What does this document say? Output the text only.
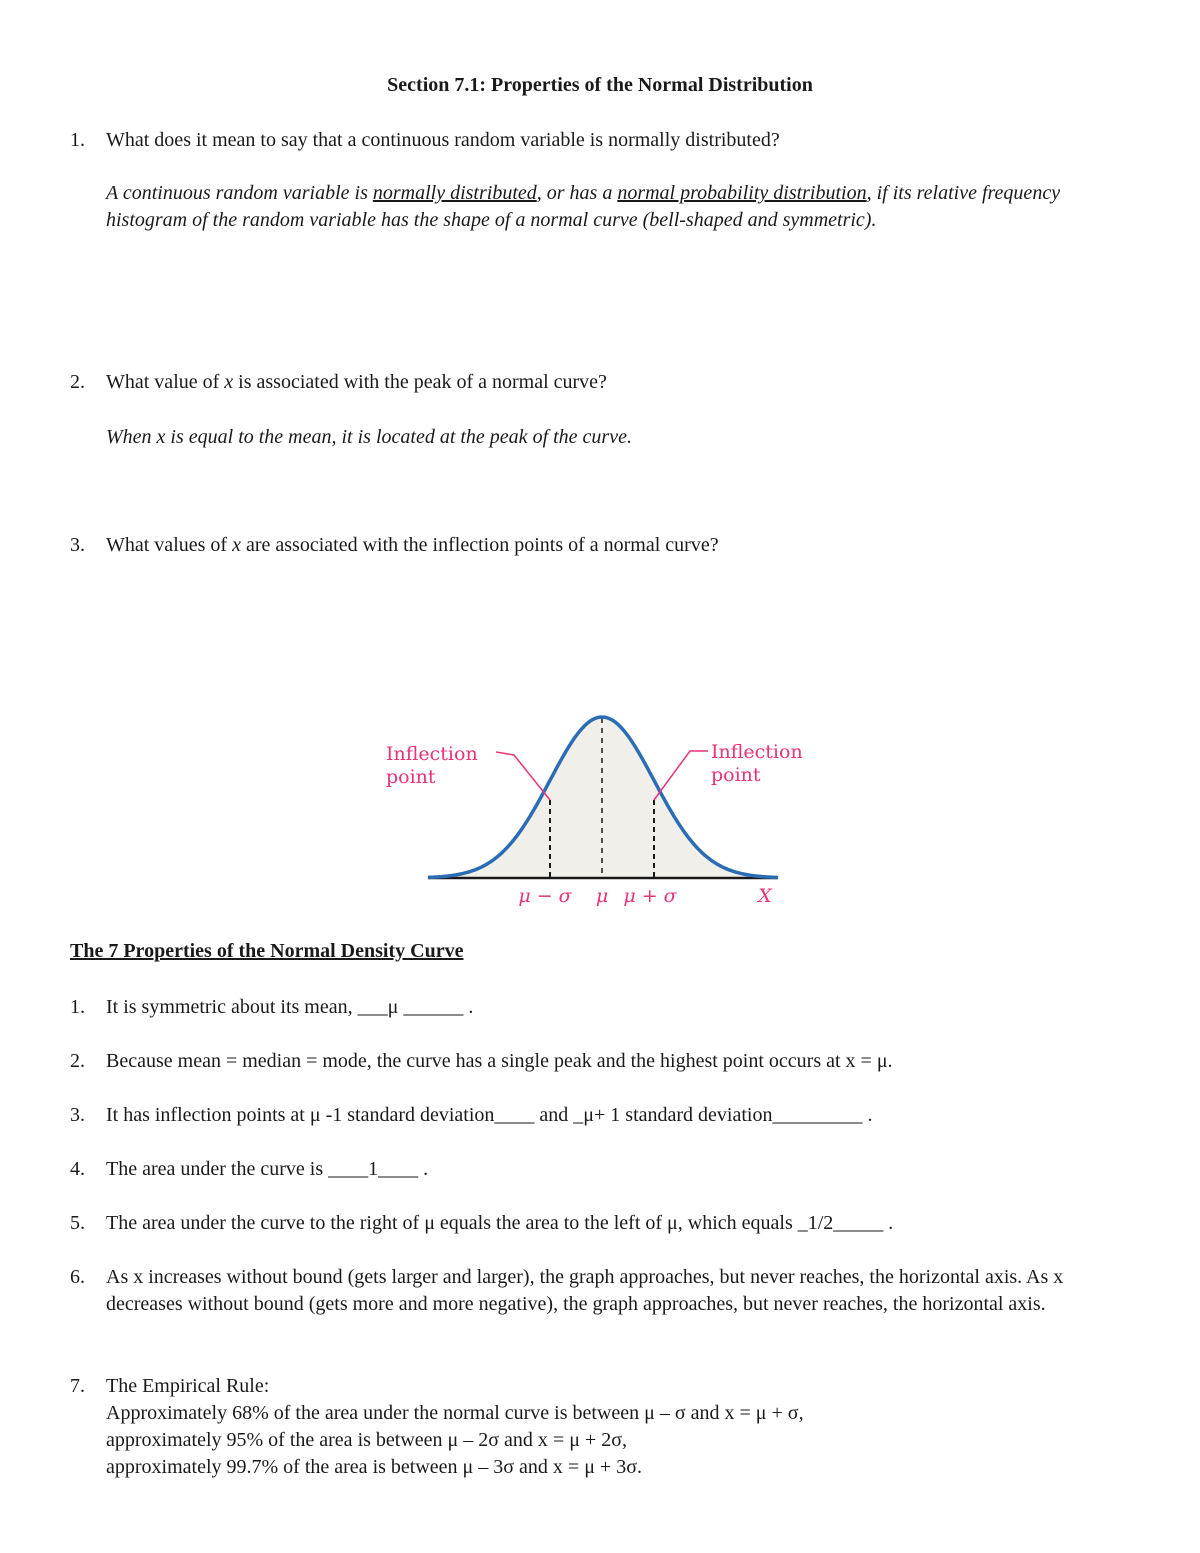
Section 7.1: Properties of the Normal Distribution
1.	What does it mean to say that a continuous random variable is normally distributed?
A continuous random variable is normally distributed, or has a normal probability distribution, if its relative frequency histogram of the random variable has the shape of a normal curve (bell-shaped and symmetric).
2.	What value of x is associated with the peak of a normal curve?
When x is equal to the mean, it is located at the peak of the curve.
3.	What values of x are associated with the inflection points of a normal curve?
Inflection
point
Inflection
point
μ − σ μ μ + σ	X
The 7 Properties of the Normal Density Curve
1.	It is symmetric about its mean, ___μ ______ .
2.	Because mean = median = mode, the curve has a single peak and the highest point occurs at x = μ.
3.	It has inflection points at μ -1 standard deviation____ and _μ+ 1 standard deviation_________ .
4.	The area under the curve is ____1____ .
5.	The area under the curve to the right of μ equals the area to the left of μ, which equals _1/2_____ .
6.	As x increases without bound (gets larger and larger), the graph approaches, but never reaches, the horizontal axis. As x decreases without bound (gets more and more negative), the graph approaches, but never reaches, the horizontal axis.
7.	The Empirical Rule:
Approximately 68% of the area under the normal curve is between μ – σ and x = μ + σ,
approximately 95% of the area is between μ – 2σ and x = μ + 2σ,
approximately 99.7% of the area is between μ – 3σ and x = μ + 3σ.
